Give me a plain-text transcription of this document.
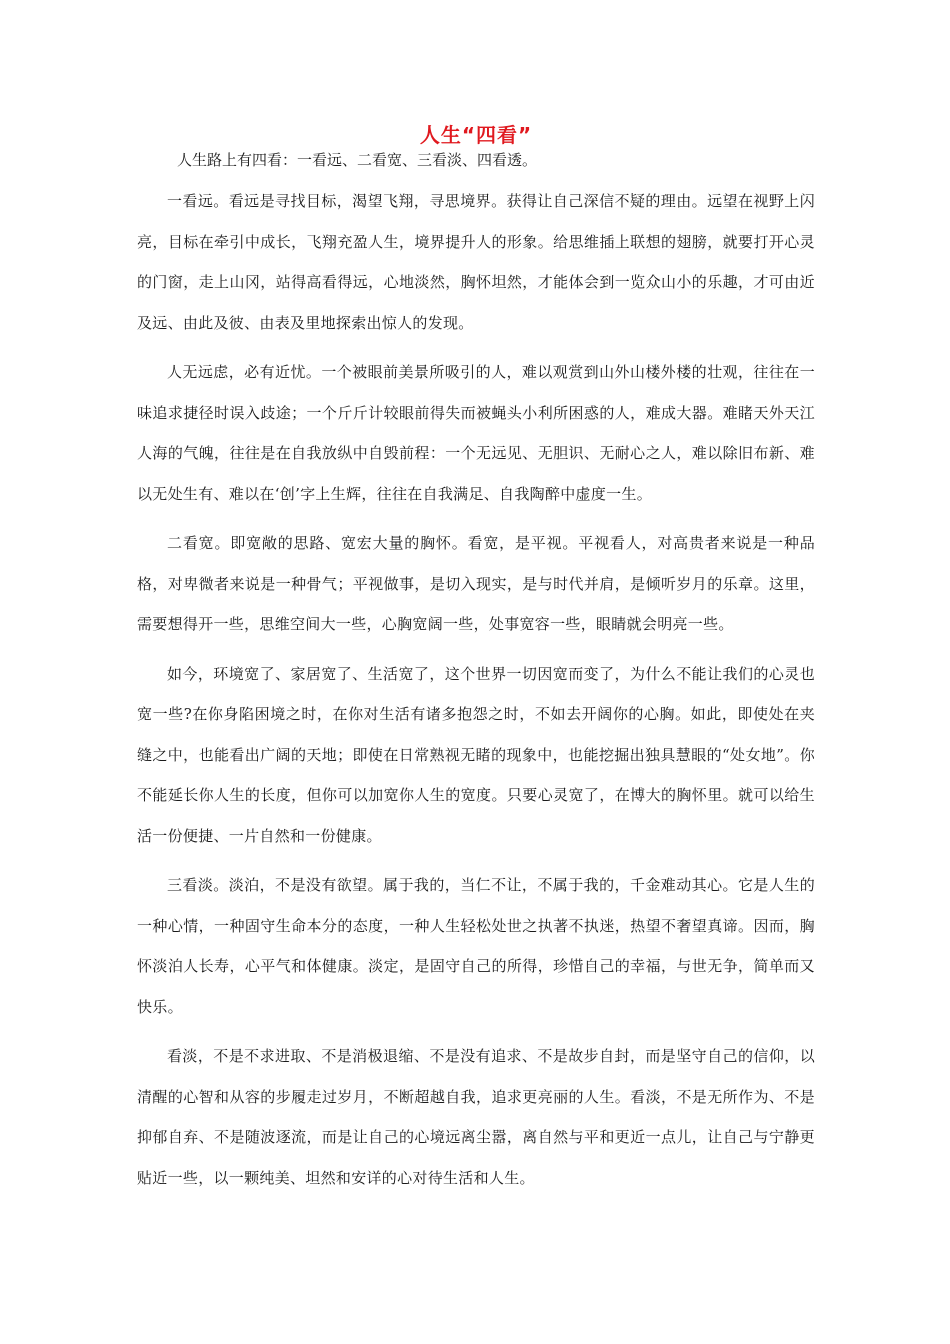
人生“四看”

人生路上有四看：一看远、二看宽、三看淡、四看透。

一看远。看远是寻找目标，渴望飞翔，寻思境界。获得让自己深信不疑的理由。远望在视野上闪亮，目标在牵引中成长，飞翔充盈人生，境界提升人的形象。给思维插上联想的翅膀，就要打开心灵的门窗，走上山冈，站得高看得远，心地淡然，胸怀坦然，才能体会到一览众山小的乐趣，才可由近及远、由此及彼、由表及里地探索出惊人的发现。

人无远虑，必有近忧。一个被眼前美景所吸引的人，难以观赏到山外山楼外楼的壮观，往往在一味追求捷径时误入歧途；一个斤斤计较眼前得失而被蝇头小利所困惑的人，难成大器。难睹天外天江人海的气魄，往往是在自我放纵中自毁前程：一个无远见、无胆识、无耐心之人，难以除旧布新、难以无处生有、难以在‘创’字上生辉，往往在自我满足、自我陶醉中虚度一生。

二看宽。即宽敞的思路、宽宏大量的胸怀。看宽，是平视。平视看人，对高贵者来说是一种品格，对卑微者来说是一种骨气；平视做事，是切入现实，是与时代并肩，是倾听岁月的乐章。这里，需要想得开一些，思维空间大一些，心胸宽阔一些，处事宽容一些，眼睛就会明亮一些。

如今，环境宽了、家居宽了、生活宽了，这个世界一切因宽而变了，为什么不能让我们的心灵也宽一些?在你身陷困境之时，在你对生活有诸多抱怨之时，不如去开阔你的心胸。如此，即使处在夹缝之中，也能看出广阔的天地；即使在日常熟视无睹的现象中，也能挖掘出独具慧眼的“处女地”。你不能延长你人生的长度，但你可以加宽你人生的宽度。只要心灵宽了，在博大的胸怀里。就可以给生活一份便捷、一片自然和一份健康。

三看淡。淡泊，不是没有欲望。属于我的，当仁不让，不属于我的，千金难动其心。它是人生的一种心情，一种固守生命本分的态度，一种人生轻松处世之执著不执迷，热望不奢望真谛。因而，胸怀淡泊人长寿，心平气和体健康。淡定，是固守自己的所得，珍惜自己的幸福，与世无争，简单而又快乐。

看淡，不是不求进取、不是消极退缩、不是没有追求、不是故步自封，而是坚守自己的信仰，以清醒的心智和从容的步履走过岁月，不断超越自我，追求更亮丽的人生。看淡，不是无所作为、不是抑郁自弃、不是随波逐流，而是让自己的心境远离尘嚣，离自然与平和更近一点儿，让自己与宁静更贴近一些，以一颗纯美、坦然和安详的心对待生活和人生。
